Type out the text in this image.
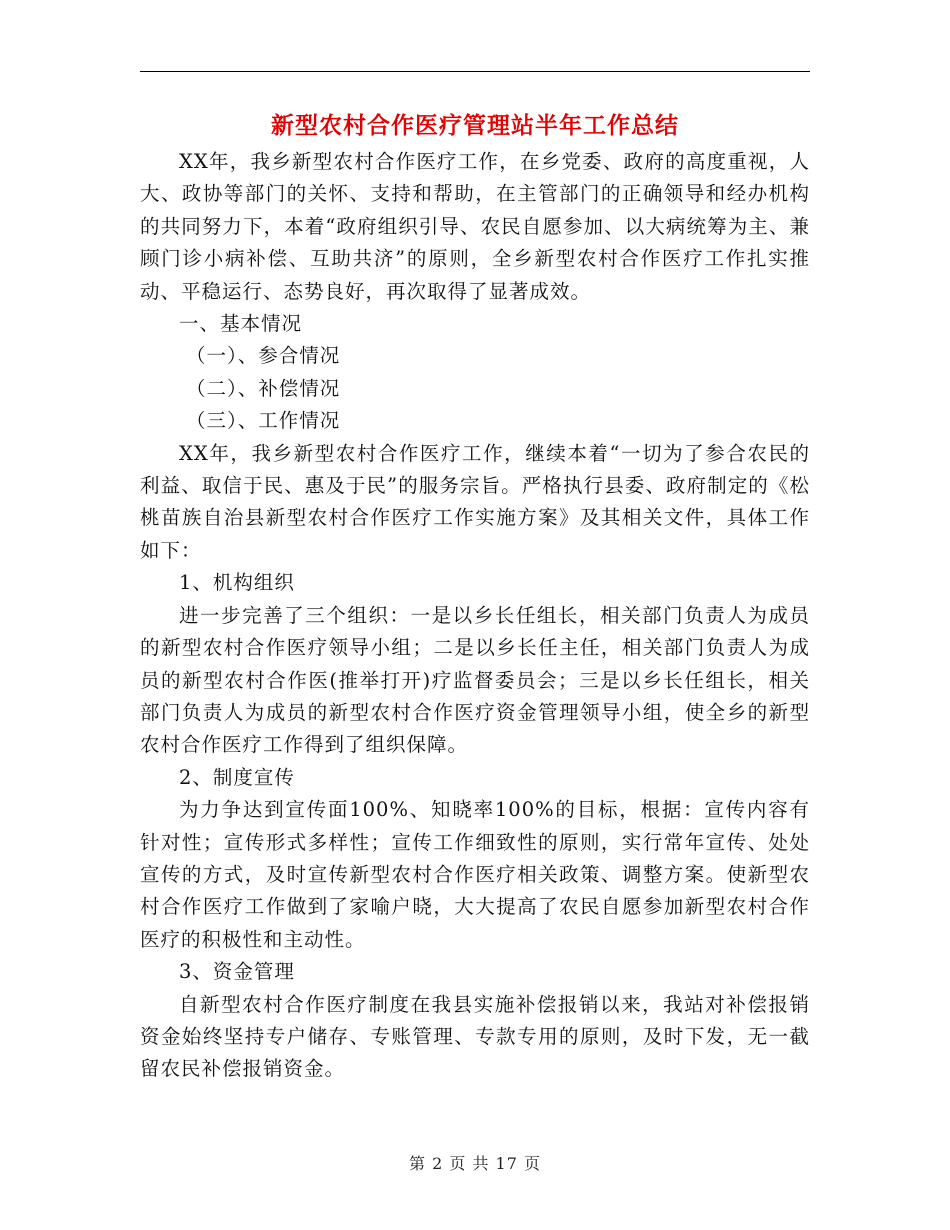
新型农村合作医疗管理站半年工作总结

XX年，我乡新型农村合作医疗工作，在乡党委、政府的高度重视，人大、政协等部门的关怀、支持和帮助，在主管部门的正确领导和经办机构的共同努力下，本着“政府组织引导、农民自愿参加、以大病统筹为主、兼顾门诊小病补偿、互助共济”的原则，全乡新型农村合作医疗工作扎实推动、平稳运行、态势良好，再次取得了显著成效。

一、基本情况

（一）、参合情况

（二）、补偿情况

（三）、工作情况

XX年，我乡新型农村合作医疗工作，继续本着“一切为了参合农民的利益、取信于民、惠及于民”的服务宗旨。严格执行县委、政府制定的《松桃苗族自治县新型农村合作医疗工作实施方案》及其相关文件，具体工作如下：

1、机构组织

进一步完善了三个组织：一是以乡长任组长，相关部门负责人为成员的新型农村合作医疗领导小组；二是以乡长任主任，相关部门负责人为成员的新型农村合作医(推举打开)疗监督委员会；三是以乡长任组长，相关部门负责人为成员的新型农村合作医疗资金管理领导小组，使全乡的新型农村合作医疗工作得到了组织保障。

2、制度宣传

为力争达到宣传面100%、知晓率100%的目标，根据：宣传内容有针对性；宣传形式多样性；宣传工作细致性的原则，实行常年宣传、处处宣传的方式，及时宣传新型农村合作医疗相关政策、调整方案。使新型农村合作医疗工作做到了家喻户晓，大大提高了农民自愿参加新型农村合作医疗的积极性和主动性。

3、资金管理

自新型农村合作医疗制度在我县实施补偿报销以来，我站对补偿报销资金始终坚持专户储存、专账管理、专款专用的原则，及时下发，无一截留农民补偿报销资金。

第 2 页 共 17 页
